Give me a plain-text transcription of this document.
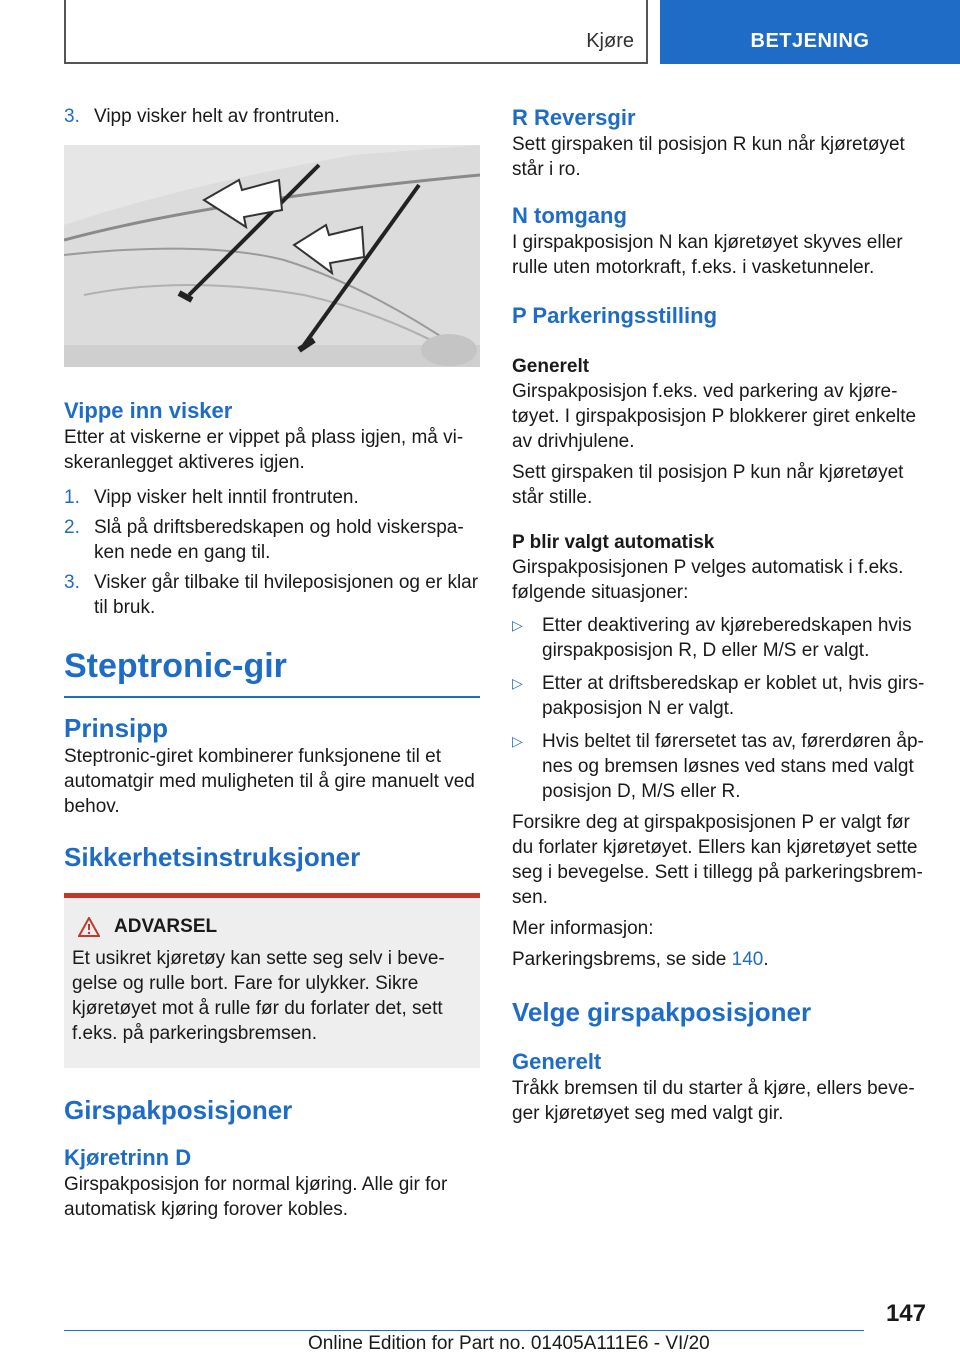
Kjøre	BETJENING
3. Vipp visker helt av frontruten.
Vippe inn visker

Etter at viskerne er vippet på plass igjen, må viskeranlegget aktiveres igjen.

1. Vipp visker helt inntil frontruten.
2. Slå på driftsberedskapen og hold viskerspaken nede en gang til.
3. Visker går tilbake til hvileposisjonen og er klar til bruk.
Steptronic-gir
Prinsipp

Steptronic-giret kombinerer funksjonene til et automatgir med muligheten til å gire manuelt ved behov.

Sikkerhetsinstruksjoner
ADVARSEL

Et usikret kjøretøy kan sette seg selv i bevegelse og rulle bort. Fare for ulykker. Sikre kjøretøyet mot å rulle før du forlater det, sett f.eks. på parkeringsbremsen.

Girspakposisjoner
Kjøretrinn D

Girspakposisjon for normal kjøring. Alle gir for automatisk kjøring forover kobles.

R Reversgir

Sett girspaken til posisjon R kun når kjøretøyet står i ro.

N tomgang

I girspakposisjon N kan kjøretøyet skyves eller rulle uten motorkraft, f.eks. i vasketunneler.

P Parkeringsstilling
Generelt

Girspakposisjon f.eks. ved parkering av kjøretøyet. I girspakposisjon P blokkerer giret enkelte av drivhjulene.

Sett girspaken til posisjon P kun når kjøretøyet står stille.

P blir valgt automatisk

Girspakposisjonen P velges automatisk i f.eks. følgende situasjoner:

▷ Etter deaktivering av kjøreberedskapen hvis girspakposisjon R, D eller M/S er valgt.
▷ Etter at driftsberedskap er koblet ut, hvis girspakposisjon N er valgt.
▷ Hvis beltet til førersetet tas av, førerdøren åpnes og bremsen løsnes ved stans med valgt posisjon D, M/S eller R.

Forsikre deg at girspakposisjonen P er valgt før du forlater kjøretøyet. Ellers kan kjøretøyet sette seg i bevegelse. Sett i tillegg på parkeringsbremsen.

Mer informasjon:

Parkeringsbrems, se side 140.

Velge girspakposisjoner
Generelt

Tråkk bremsen til du starter å kjøre, ellers beveger kjøretøyet seg med valgt gir.

147
Online Edition for Part no. 01405A111E6 - VI/20
